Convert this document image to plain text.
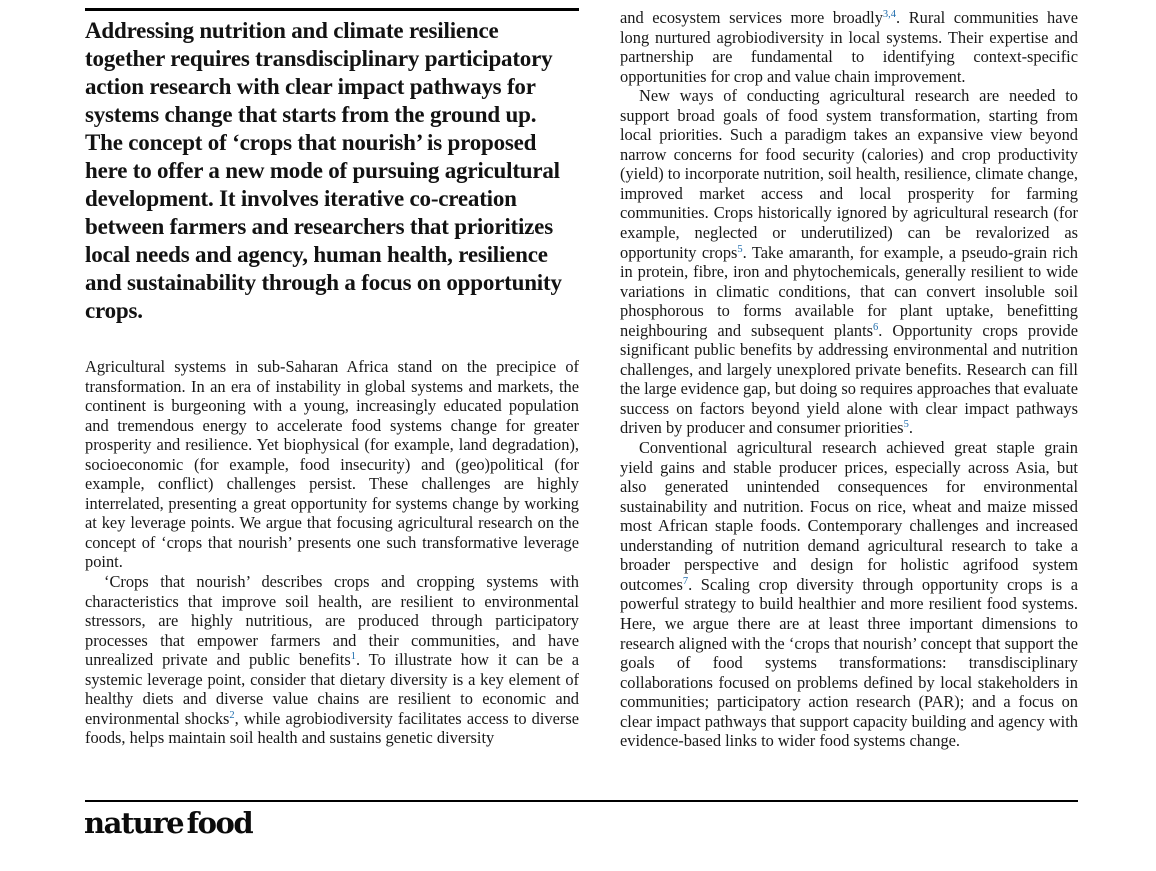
Addressing nutrition and climate resilience together requires transdisciplinary participatory action research with clear impact pathways for systems change that starts from the ground up. The concept of ‘crops that nourish’ is proposed here to offer a new mode of pursuing agricultural development. It involves iterative co-creation between farmers and researchers that prioritizes local needs and agency, human health, resilience and sustainability through a focus on opportunity crops.

Agricultural systems in sub-Saharan Africa stand on the precipice of transformation. In an era of instability in global systems and markets, the continent is burgeoning with a young, increasingly educated population and tremendous energy to accelerate food systems change for greater prosperity and resilience. Yet biophysical (for example, land degradation), socioeconomic (for example, food insecurity) and (geo)political (for example, conflict) challenges persist. These challenges are highly interrelated, presenting a great opportunity for systems change by working at key leverage points. We argue that focusing agricultural research on the concept of ‘crops that nourish’ presents one such transformative leverage point.

‘Crops that nourish’ describes crops and cropping systems with characteristics that improve soil health, are resilient to environmental stressors, are highly nutritious, are produced through participatory processes that empower farmers and their communities, and have unrealized private and public benefits$^1$. To illustrate how it can be a systemic leverage point, consider that dietary diversity is a key element of healthy diets and diverse value chains are resilient to economic and environmental shocks$^2$, while agrobiodiversity facilitates access to diverse foods, helps maintain soil health and sustains genetic diversity

and ecosystem services more broadly$^{3,4}$. Rural communities have long nurtured agrobiodiversity in local systems. Their expertise and partnership are fundamental to identifying context-specific opportunities for crop and value chain improvement.

New ways of conducting agricultural research are needed to support broad goals of food system transformation, starting from local priorities. Such a paradigm takes an expansive view beyond narrow concerns for food security (calories) and crop productivity (yield) to incorporate nutrition, soil health, resilience, climate change, improved market access and local prosperity for farming communities. Crops historically ignored by agricultural research (for example, neglected or underutilized) can be revalorized as opportunity crops$^5$. Take amaranth, for example, a pseudo-grain rich in protein, fibre, iron and phytochemicals, generally resilient to wide variations in climatic conditions, that can convert insoluble soil phosphorous to forms available for plant uptake, benefitting neighbouring and subsequent plants$^6$. Opportunity crops provide significant public benefits by addressing environmental and nutrition challenges, and largely unexplored private benefits. Research can fill the large evidence gap, but doing so requires approaches that evaluate success on factors beyond yield alone with clear impact pathways driven by producer and consumer priorities$^5$.

Conventional agricultural research achieved great staple grain yield gains and stable producer prices, especially across Asia, but also generated unintended consequences for environmental sustainability and nutrition. Focus on rice, wheat and maize missed most African staple foods. Contemporary challenges and increased understanding of nutrition demand agricultural research to take a broader perspective and design for holistic agrifood system outcomes$^7$. Scaling crop diversity through opportunity crops is a powerful strategy to build healthier and more resilient food systems. Here, we argue there are at least three important dimensions to research aligned with the ‘crops that nourish’ concept that support the goals of food systems transformations: transdisciplinary collaborations focused on problems defined by local stakeholders in communities; participatory action research (PAR); and a focus on clear impact pathways that support capacity building and agency with evidence-based links to wider food systems change.

nature food
